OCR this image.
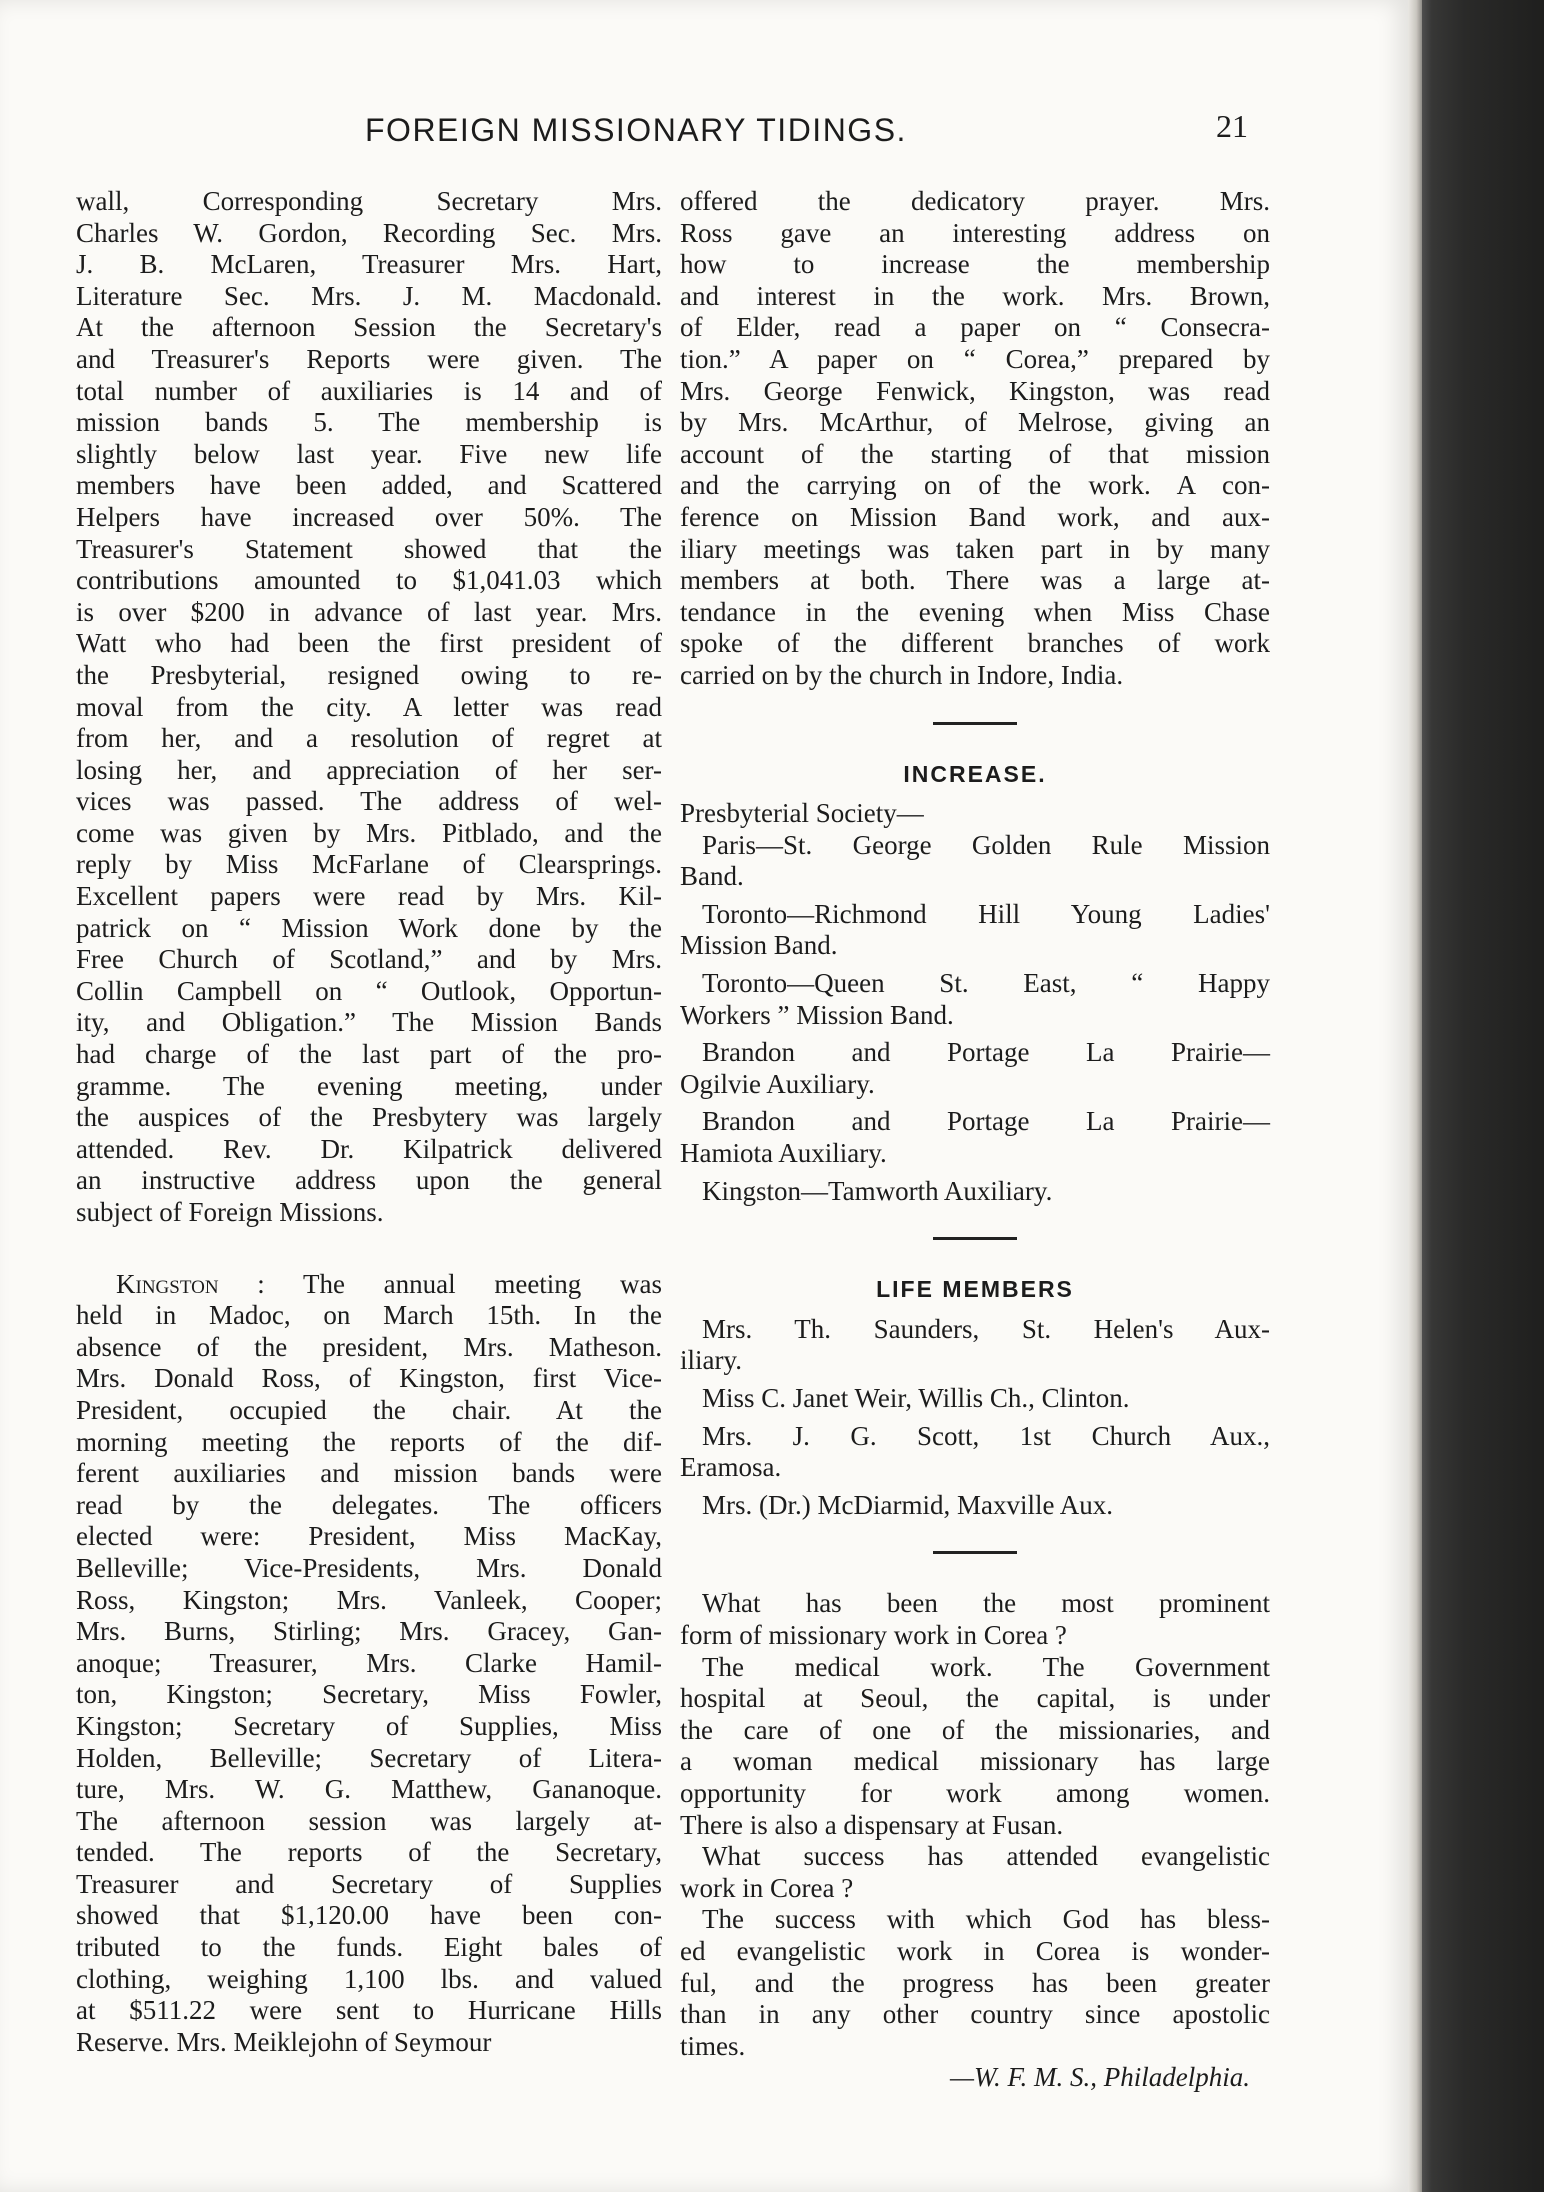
FOREIGN MISSIONARY TIDINGS.	21
wall, Corresponding Secretary Mrs.
Charles W. Gordon, Recording Sec. Mrs.
J. B. McLaren, Treasurer Mrs. Hart,
Literature Sec. Mrs. J. M. Macdonald.
At the afternoon Session the Secretary's
and Treasurer's Reports were given. The
total number of auxiliaries is 14 and of
mission bands 5. The membership is
slightly below last year. Five new life
members have been added, and Scattered
Helpers have increased over 50%. The
Treasurer's Statement showed that the
contributions amounted to $1,041.03 which
is over $200 in advance of last year. Mrs.
Watt who had been the first president of
the Presbyterial, resigned owing to re-
moval from the city. A letter was read
from her, and a resolution of regret at
losing her, and appreciation of her ser-
vices was passed. The address of wel-
come was given by Mrs. Pitblado, and the
reply by Miss McFarlane of Clearsprings.
Excellent papers were read by Mrs. Kil-
patrick on “ Mission Work done by the
Free Church of Scotland,” and by Mrs.
Collin Campbell on “ Outlook, Opportun-
ity, and Obligation.” The Mission Bands
had charge of the last part of the pro-
gramme. The evening meeting, under
the auspices of the Presbytery was largely
attended. Rev. Dr. Kilpatrick delivered
an instructive address upon the general
subject of Foreign Missions.
Kingston : The annual meeting was
held in Madoc, on March 15th. In the
absence of the president, Mrs. Matheson.
Mrs. Donald Ross, of Kingston, first Vice-
President, occupied the chair. At the
morning meeting the reports of the dif-
ferent auxiliaries and mission bands were
read by the delegates. The officers
elected were: President, Miss MacKay,
Belleville; Vice-Presidents, Mrs. Donald
Ross, Kingston; Mrs. Vanleek, Cooper;
Mrs. Burns, Stirling; Mrs. Gracey, Gan-
anoque; Treasurer, Mrs. Clarke Hamil-
ton, Kingston; Secretary, Miss Fowler,
Kingston; Secretary of Supplies, Miss
Holden, Belleville; Secretary of Litera-
ture, Mrs. W. G. Matthew, Gananoque.
The afternoon session was largely at-
tended. The reports of the Secretary,
Treasurer and Secretary of Supplies
showed that $1,120.00 have been con-
tributed to the funds. Eight bales of
clothing, weighing 1,100 lbs. and valued
at $511.22 were sent to Hurricane Hills
Reserve. Mrs. Meiklejohn of Seymour
offered the dedicatory prayer. Mrs.
Ross gave an interesting address on
how to increase the membership
and interest in the work. Mrs. Brown,
of Elder, read a paper on “ Consecra-
tion.” A paper on “ Corea,” prepared by
Mrs. George Fenwick, Kingston, was read
by Mrs. McArthur, of Melrose, giving an
account of the starting of that mission
and the carrying on of the work. A con-
ference on Mission Band work, and aux-
iliary meetings was taken part in by many
members at both. There was a large at-
tendance in the evening when Miss Chase
spoke of the different branches of work
carried on by the church in Indore, India.
INCREASE.
Presbyterial Society—
Paris—St. George Golden Rule Mission
Band.
Toronto—Richmond Hill Young Ladies'
Mission Band.
Toronto—Queen St. East, “ Happy
Workers ” Mission Band.
Brandon and Portage La Prairie—
Ogilvie Auxiliary.
Brandon and Portage La Prairie—
Hamiota Auxiliary.
Kingston—Tamworth Auxiliary.
LIFE MEMBERS
Mrs. Th. Saunders, St. Helen's Aux-
iliary.
Miss C. Janet Weir, Willis Ch., Clinton.
Mrs. J. G. Scott, 1st Church Aux.,
Eramosa.
Mrs. (Dr.) McDiarmid, Maxville Aux.
What has been the most prominent
form of missionary work in Corea ?
The medical work. The Government
hospital at Seoul, the capital, is under
the care of one of the missionaries, and
a woman medical missionary has large
opportunity for work among women.
There is also a dispensary at Fusan.
What success has attended evangelistic
work in Corea ?
The success with which God has bless-
ed evangelistic work in Corea is wonder-
ful, and the progress has been greater
than in any other country since apostolic
times.
—W. F. M. S., Philadelphia.
